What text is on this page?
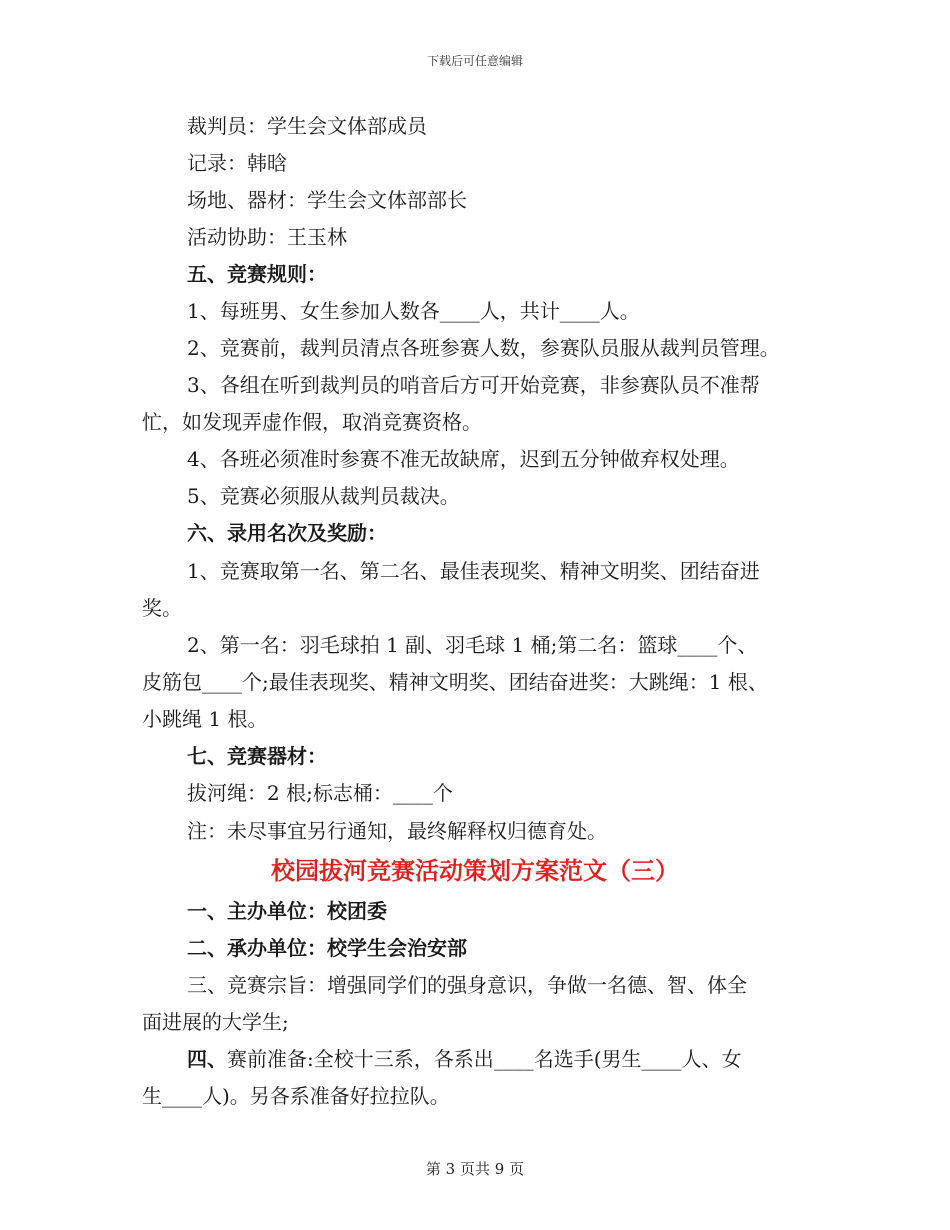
下载后可任意编辑
裁判员：学生会文体部成员
记录：韩晗
场地、器材：学生会文体部部长
活动协助：王玉林
五、竞赛规则：
1、每班男、女生参加人数各____人，共计____人。
2、竞赛前，裁判员清点各班参赛人数，参赛队员服从裁判员管理。
3、各组在听到裁判员的哨音后方可开始竞赛，非参赛队员不准帮
忙，如发现弄虚作假，取消竞赛资格。
4、各班必须准时参赛不准无故缺席，迟到五分钟做弃权处理。
5、竞赛必须服从裁判员裁决。
六、录用名次及奖励：
1、竞赛取第一名、第二名、最佳表现奖、精神文明奖、团结奋进
奖。
2、第一名：羽毛球拍 1 副、羽毛球 1 桶;第二名：篮球____个、
皮筋包____个;最佳表现奖、精神文明奖、团结奋进奖：大跳绳：1 根、
小跳绳 1 根。
七、竞赛器材：
拔河绳：2 根;标志桶：____个
注：未尽事宜另行通知，最终解释权归德育处。
校园拔河竞赛活动策划方案范文（三）
一、主办单位：校团委
二、承办单位：校学生会治安部
三、竞赛宗旨：增强同学们的强身意识，争做一名德、智、体全
面进展的大学生;
四、赛前准备:全校十三系，各系出____名选手(男生____人、女
生____人)。另各系准备好拉拉队。
第 3 页共 9 页
